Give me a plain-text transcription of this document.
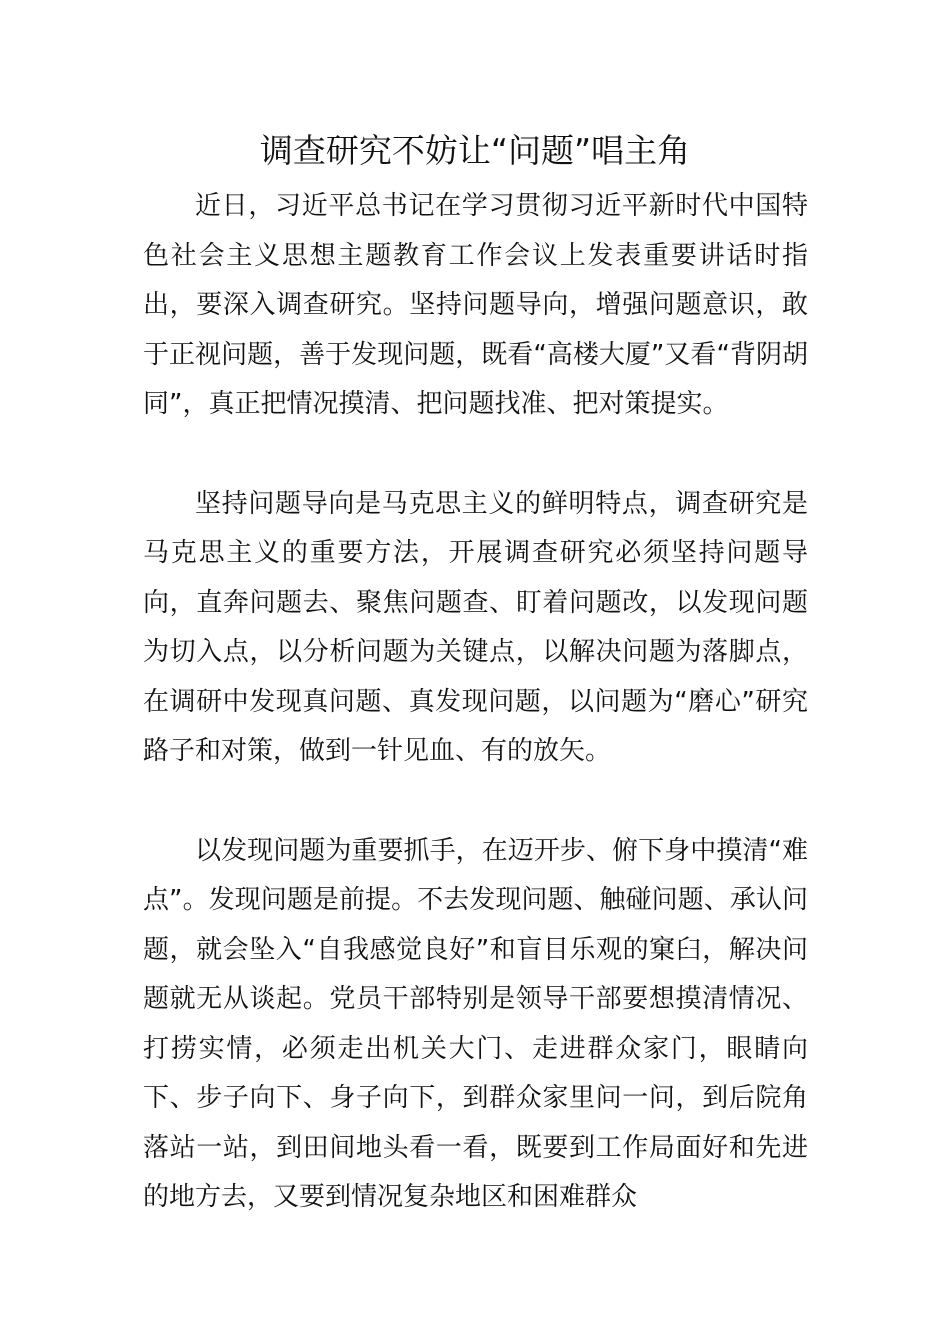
调查研究不妨让“问题”唱主角

近日，习近平总书记在学习贯彻习近平新时代中国特色社会主义思想主题教育工作会议上发表重要讲话时指出，要深入调查研究。坚持问题导向，增强问题意识，敢于正视问题，善于发现问题，既看“高楼大厦”又看“背阴胡同”，真正把情况摸清、把问题找准、把对策提实。

坚持问题导向是马克思主义的鲜明特点，调查研究是马克思主义的重要方法，开展调查研究必须坚持问题导向，直奔问题去、聚焦问题查、盯着问题改，以发现问题为切入点，以分析问题为关键点，以解决问题为落脚点，在调研中发现真问题、真发现问题，以问题为“磨心”研究路子和对策，做到一针见血、有的放矢。

以发现问题为重要抓手，在迈开步、俯下身中摸清“难点”。发现问题是前提。不去发现问题、触碰问题、承认问题，就会坠入“自我感觉良好”和盲目乐观的窠臼，解决问题就无从谈起。党员干部特别是领导干部要想摸清情况、打捞实情，必须走出机关大门、走进群众家门，眼睛向下、步子向下、身子向下，到群众家里问一问，到后院角落站一站，到田间地头看一看，既要到工作局面好和先进的地方去，又要到情况复杂地区和困难群众
